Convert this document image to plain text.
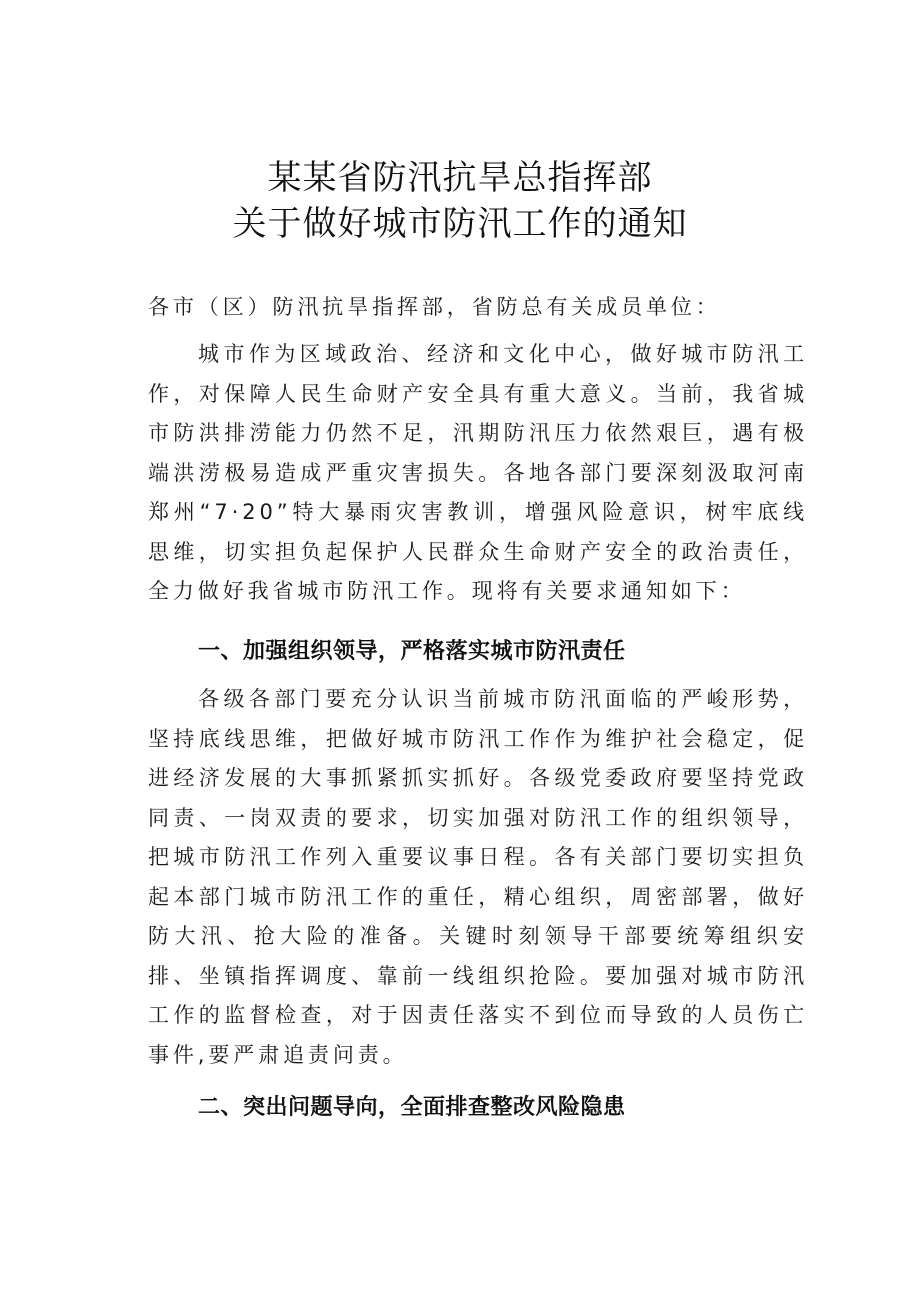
某某省防汛抗旱总指挥部
关于做好城市防汛工作的通知

各市（区）防汛抗旱指挥部，省防总有关成员单位：

城市作为区域政治、经济和文化中心，做好城市防汛工作，对保障人民生命财产安全具有重大意义。当前，我省城市防洪排涝能力仍然不足，汛期防汛压力依然艰巨，遇有极端洪涝极易造成严重灾害损失。各地各部门要深刻汲取河南郑州“7·20”特大暴雨灾害教训，增强风险意识，树牢底线思维，切实担负起保护人民群众生命财产安全的政治责任，全力做好我省城市防汛工作。现将有关要求通知如下：

一、加强组织领导，严格落实城市防汛责任

各级各部门要充分认识当前城市防汛面临的严峻形势，坚持底线思维，把做好城市防汛工作作为维护社会稳定，促进经济发展的大事抓紧抓实抓好。各级党委政府要坚持党政同责、一岗双责的要求，切实加强对防汛工作的组织领导，把城市防汛工作列入重要议事日程。各有关部门要切实担负起本部门城市防汛工作的重任，精心组织，周密部署，做好防大汛、抢大险的准备。关键时刻领导干部要统筹组织安排、坐镇指挥调度、靠前一线组织抢险。要加强对城市防汛工作的监督检查，对于因责任落实不到位而导致的人员伤亡事件,要严肃追责问责。

二、突出问题导向，全面排查整改风险隐患
